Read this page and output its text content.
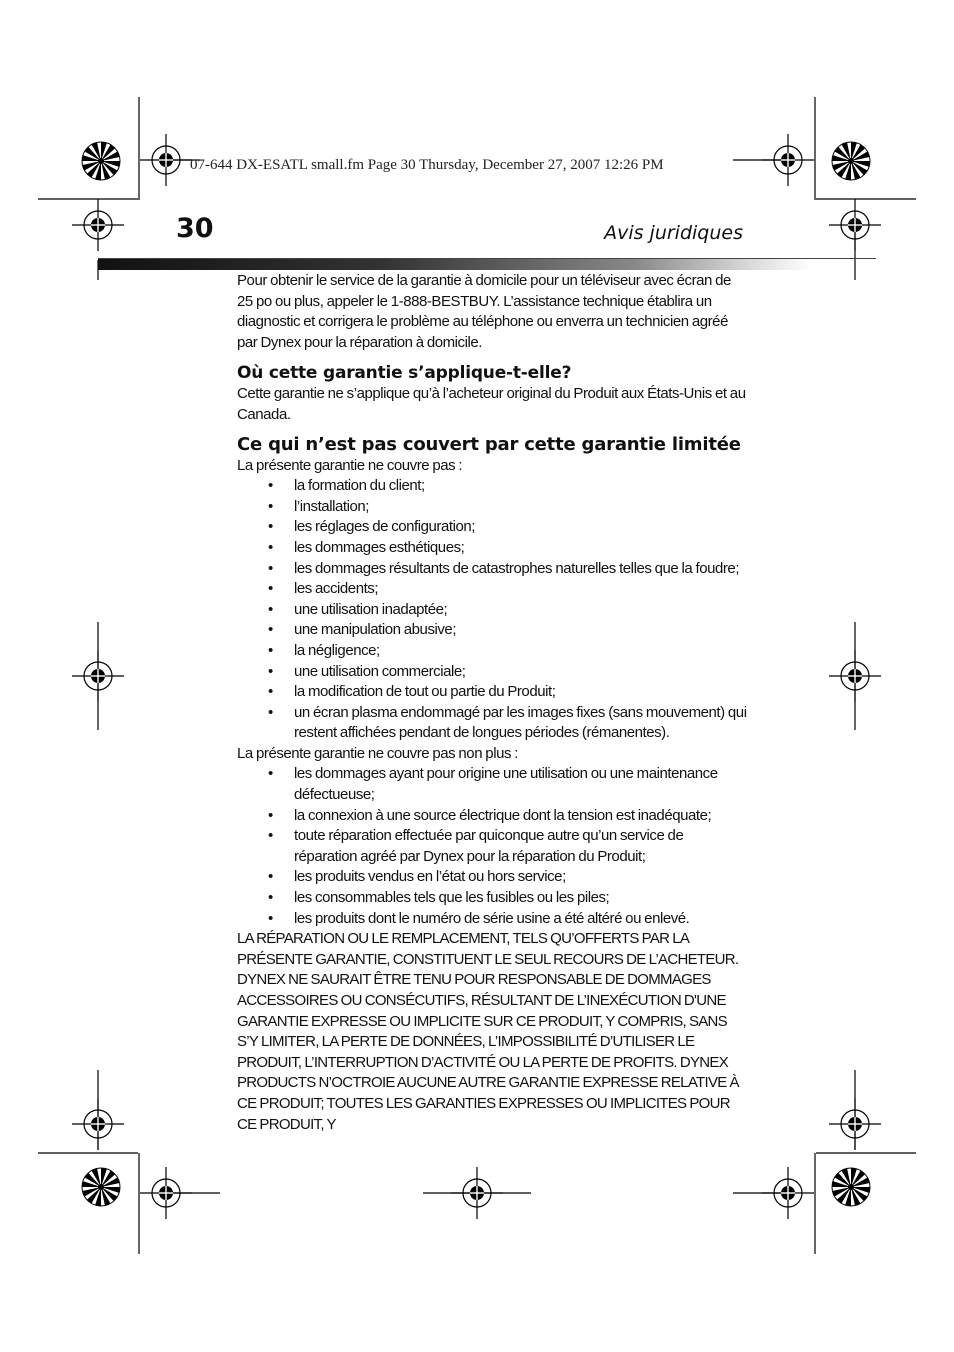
07-644 DX-ESATL small.fm Page 30 Thursday, December 27, 2007 12:26 PM
30	Avis juridiques

Pour obtenir le service de la garantie à domicile pour un téléviseur avec écran de 25 po ou plus, appeler le 1-888-BESTBUY. L’assistance technique établira un diagnostic et corrigera le problème au téléphone ou enverra un technicien agréé par Dynex pour la réparation à domicile.

Où cette garantie s’applique-t-elle?

Cette garantie ne s’applique qu’à l’acheteur original du Produit aux États-Unis et au Canada.

Ce qui n’est pas couvert par cette garantie limitée

La présente garantie ne couvre pas :

• la formation du client;
• l’installation;
• les réglages de configuration;
• les dommages esthétiques;
• les dommages résultants de catastrophes naturelles telles que la foudre;
• les accidents;
• une utilisation inadaptée;
• une manipulation abusive;
• la négligence;
• une utilisation commerciale;
• la modification de tout ou partie du Produit;
• un écran plasma endommagé par les images fixes (sans mouvement) qui restent affichées pendant de longues périodes (rémanentes).

La présente garantie ne couvre pas non plus :

• les dommages ayant pour origine une utilisation ou une maintenance défectueuse;
• la connexion à une source électrique dont la tension est inadéquate;
• toute réparation effectuée par quiconque autre qu’un service de réparation agréé par Dynex pour la réparation du Produit;
• les produits vendus en l’état ou hors service;
• les consommables tels que les fusibles ou les piles;
• les produits dont le numéro de série usine a été altéré ou enlevé.

LA RÉPARATION OU LE REMPLACEMENT, TELS QU’OFFERTS PAR LA PRÉSENTE GARANTIE, CONSTITUENT LE SEUL RECOURS DE L’ACHETEUR. DYNEX NE SAURAIT ÊTRE TENU POUR RESPONSABLE DE DOMMAGES ACCESSOIRES OU CONSÉCUTIFS, RÉSULTANT DE L’INEXÉCUTION D'UNE GARANTIE EXPRESSE OU IMPLICITE SUR CE PRODUIT, Y COMPRIS, SANS S’Y LIMITER, LA PERTE DE DONNÉES, L’IMPOSSIBILITÉ D’UTILISER LE PRODUIT, L’INTERRUPTION D’ACTIVITÉ OU LA PERTE DE PROFITS. DYNEX PRODUCTS N’OCTROIE AUCUNE AUTRE GARANTIE EXPRESSE RELATIVE À CE PRODUIT; TOUTES LES GARANTIES EXPRESSES OU IMPLICITES POUR CE PRODUIT, Y
